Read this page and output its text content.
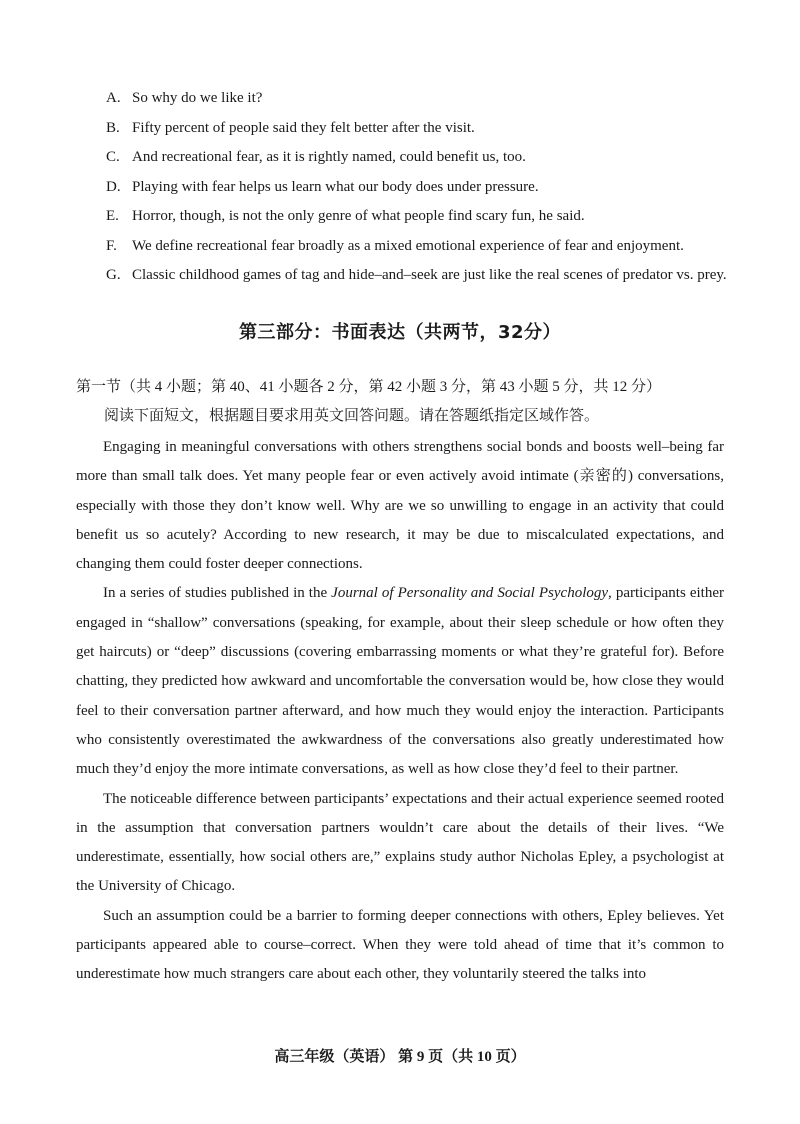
A. So why do we like it?
B. Fifty percent of people said they felt better after the visit.
C. And recreational fear, as it is rightly named, could benefit us, too.
D. Playing with fear helps us learn what our body does under pressure.
E. Horror, though, is not the only genre of what people find scary fun, he said.
F. We define recreational fear broadly as a mixed emotional experience of fear and enjoyment.
G. Classic childhood games of tag and hide–and–seek are just like the real scenes of predator vs. prey.
第三部分：书面表达（共两节，32分）
第一节（共 4 小题；第 40、41 小题各 2 分，第 42 小题 3 分，第 43 小题 5 分，共 12 分）
阅读下面短文，根据题目要求用英文回答问题。请在答题纸指定区域作答。

Engaging in meaningful conversations with others strengthens social bonds and boosts well–being far more than small talk does. Yet many people fear or even actively avoid intimate (亲密的) conversations, especially with those they don’t know well. Why are we so unwilling to engage in an activity that could benefit us so acutely? According to new research, it may be due to miscalculated expectations, and changing them could foster deeper connections.

In a series of studies published in the Journal of Personality and Social Psychology, participants either engaged in “shallow” conversations (speaking, for example, about their sleep schedule or how often they get haircuts) or “deep” discussions (covering embarrassing moments or what they’re grateful for). Before chatting, they predicted how awkward and uncomfortable the conversation would be, how close they would feel to their conversation partner afterward, and how much they would enjoy the interaction. Participants who consistently overestimated the awkwardness of the conversations also greatly underestimated how much they’d enjoy the more intimate conversations, as well as how close they’d feel to their partner.

The noticeable difference between participants’ expectations and their actual experience seemed rooted in the assumption that conversation partners wouldn’t care about the details of their lives. “We underestimate, essentially, how social others are,” explains study author Nicholas Epley, a psychologist at the University of Chicago.

Such an assumption could be a barrier to forming deeper connections with others, Epley believes. Yet participants appeared able to course–correct. When they were told ahead of time that it’s common to underestimate how much strangers care about each other, they voluntarily steered the talks into

高三年级（英语） 第 9 页（共 10 页）
